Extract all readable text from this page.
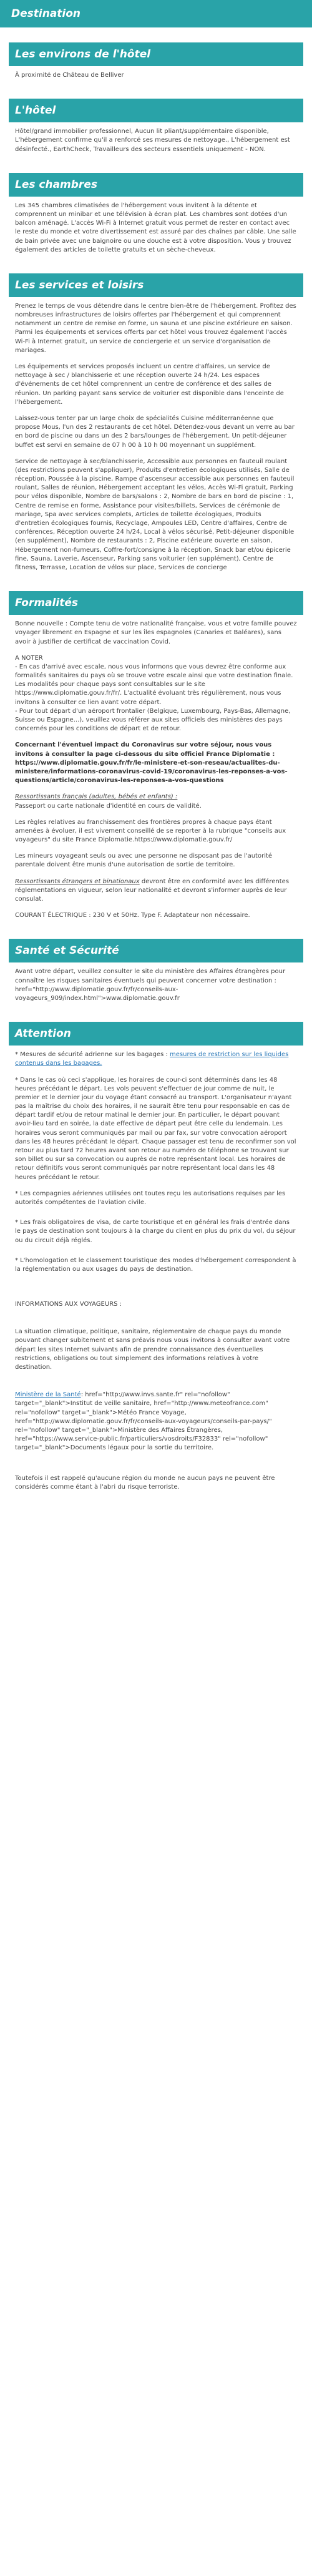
Destination
Les environs de l'hôtel

À proximité de Château de Belliver

L'hôtel

Hôtel/grand immobilier professionnel, Aucun lit pliant/supplémentaire disponible, L'hébergement confirme qu'il a renforcé ses mesures de nettoyage., L'hébergement est désinfecté., EarthCheck, Travailleurs des secteurs essentiels uniquement - NON.

Les chambres

Les 345 chambres climatisées de l'hébergement vous invitent à la détente et comprennent un minibar et une télévision à écran plat. Les chambres sont dotées d'un balcon aménagé. L'accès Wi-Fi à Internet gratuit vous permet de rester en contact avec le reste du monde et votre divertissement est assuré par des chaînes par câble. Une salle de bain privée avec une baignoire ou une douche est à votre disposition. Vous y trouvez également des articles de toilette gratuits et un sèche-cheveux.

Les services et loisirs

Prenez le temps de vous détendre dans le centre bien-être de l'hébergement. Profitez des nombreuses infrastructures de loisirs offertes par l'hébergement et qui comprennent notamment un centre de remise en forme, un sauna et une piscine extérieure en saison. Parmi les équipements et services offerts par cet hôtel vous trouvez également l'accès Wi-Fi à Internet gratuit, un service de conciergerie et un service d'organisation de mariages.

Les équipements et services proposés incluent un centre d'affaires, un service de nettoyage à sec / blanchisserie et une réception ouverte 24 h/24. Les espaces d'événements de cet hôtel comprennent un centre de conférence et des salles de réunion. Un parking payant sans service de voiturier est disponible dans l'enceinte de l'hébergement.

Laissez-vous tenter par un large choix de spécialités Cuisine méditerranéenne que propose Mous, l'un des 2 restaurants de cet hôtel. Détendez-vous devant un verre au bar en bord de piscine ou dans un des 2 bars/lounges de l'hébergement. Un petit-déjeuner buffet est servi en semaine de 07 h 00 à 10 h 00 moyennant un supplément.

Service de nettoyage à sec/blanchisserie, Accessible aux personnes en fauteuil roulant (des restrictions peuvent s'appliquer), Produits d'entretien écologiques utilisés, Salle de réception, Poussée à la piscine, Rampe d'ascenseur accessible aux personnes en fauteuil roulant, Salles de réunion, Hébergement acceptant les vélos, Accès Wi-Fi gratuit, Parking pour vélos disponible, Nombre de bars/salons : 2, Nombre de bars en bord de piscine : 1, Centre de remise en forme, Assistance pour visites/billets, Services de cérémonie de mariage, Spa avec services complets, Articles de toilette écologiques, Produits d'entretien écologiques fournis, Recyclage, Ampoules LED, Centre d'affaires, Centre de conférences, Réception ouverte 24 h/24, Local à vélos sécurisé, Petit-déjeuner disponible (en supplément), Nombre de restaurants : 2, Piscine extérieure ouverte en saison, Hébergement non-fumeurs, Coffre-fort/consigne à la réception, Snack bar et/ou épicerie fine, Sauna, Laverie, Ascenseur, Parking sans voiturier (en supplément), Centre de fitness, Terrasse, Location de vélos sur place, Services de concierge

Formalités

Bonne nouvelle : Compte tenu de votre nationalité française, vous et votre famille pouvez voyager librement en Espagne et sur les îles espagnoles (Canaries et Baléares), sans avoir à justifier de certificat de vaccination Covid.

A NOTER

- En cas d'arrivé avec escale, nous vous informons que vous devrez être conforme aux formalités sanitaires du pays où se trouve votre escale ainsi que votre destination finale.

Les modalités pour chaque pays sont consultables sur le site https://www.diplomatie.gouv.fr/fr/. L'actualité évoluant très régulièrement, nous vous invitons à consulter ce lien avant votre départ.

- Pour tout départ d'un aéroport frontalier (Belgique, Luxembourg, Pays-Bas, Allemagne, Suisse ou Espagne...), veuillez vous référer aux sites officiels des ministères des pays concernés pour les conditions de départ et de retour.

Concernant l'éventuel impact du Coronavirus sur votre séjour, nous vous invitons à consulter la page ci-dessous du site officiel France Diplomatie : https://www.diplomatie.gouv.fr/fr/le-ministere-et-son-reseau/actualites-du-ministere/informations-coronavirus-covid-19/coronavirus-les-reponses-a-vos-questions/article/coronavirus-les-reponses-a-vos-questions

Ressortissants français (adultes, bébés et enfants) :

Passeport ou carte nationale d'identité en cours de validité.

Les règles relatives au franchissement des frontières propres à chaque pays étant amenées à évoluer, il est vivement conseillé de se reporter à la rubrique "conseils aux voyageurs" du site France Diplomatie.https://www.diplomatie.gouv.fr/

Les mineurs voyageant seuls ou avec une personne ne disposant pas de l'autorité parentale doivent être munis d'une autorisation de sortie de territoire.

Ressortissants étrangers et binationaux devront être en conformité avec les différentes réglementations en vigueur, selon leur nationalité et devront s'informer auprès de leur consulat.

COURANT ÉLECTRIQUE : 230 V et 50Hz. Type F. Adaptateur non nécessaire.

Santé et Sécurité

Avant votre départ, veuillez consulter le site du ministère des Affaires étrangères pour connaître les risques sanitaires éventuels qui peuvent concerner votre destination : href="http://www.diplomatie.gouv.fr/fr/conseils-aux-voyageurs_909/index.html">www.diplomatie.gouv.fr

Attention

* Mesures de sécurité adrienne sur les bagages : mesures de restriction sur les liquides contenus dans les bagages.

* Dans le cas où ceci s'applique, les horaires de cour-ci sont déterminés dans les 48 heures précédant le départ. Les vols peuvent s'effectuer de jour comme de nuit, le premier et le dernier jour du voyage étant consacré au transport. L'organisateur n'ayant pas la maîtrise du choix des horaires, il ne saurait être tenu pour responsable en cas de départ tardif et/ou de retour matinal le dernier jour. En particulier, le départ pouvant avoir-lieu tard en soirée, la date effective de départ peut être celle du lendemain. Les horaires vous seront communiqués par mail ou par fax, sur votre convocation aéroport dans les 48 heures précédant le départ. Chaque passager est tenu de reconfirmer son vol retour au plus tard 72 heures avant son retour au numéro de téléphone se trouvant sur son billet ou sur sa convocation ou auprès de notre représentant local. Les horaires de retour définitifs vous seront communiqués par notre représentant local dans les 48 heures précédant le retour.

* Les compagnies aériennes utilisées ont toutes reçu les autorisations requises par les autorités compétentes de l'aviation civile.

* Les frais obligatoires de visa, de carte touristique et en général les frais d'entrée dans le pays de destination sont toujours à la charge du client en plus du prix du vol, du séjour ou du circuit déjà réglés.

* L'homologation et le classement touristique des modes d'hébergement correspondent à la réglementation ou aux usages du pays de destination.

INFORMATIONS AUX VOYAGEURS :

La situation climatique, politique, sanitaire, réglementaire de chaque pays du monde pouvant changer subitement et sans préavis nous vous invitons à consulter avant votre départ les sites Internet suivants afin de prendre connaissance des éventuelles restrictions, obligations ou tout simplement des informations relatives à votre destination.

Ministère de la Santé: href="http://www.invs.sante.fr" rel="nofollow" target="_blank">Institut de veille sanitaire, href="http://www.meteofrance.com" rel="nofollow" target="_blank">Météo France Voyage, href="http://www.diplomatie.gouv.fr/fr/conseils-aux-voyageurs/conseils-par-pays/" rel="nofollow" target="_blank">Ministère des Affaires Étrangères, href="https://www.service-public.fr/particuliers/vosdroits/F32833" rel="nofollow" target="_blank">Documents légaux pour la sortie du territoire.

Toutefois il est rappelé qu'aucune région du monde ne aucun pays ne peuvent être considérés comme étant à l'abri du risque terroriste.
